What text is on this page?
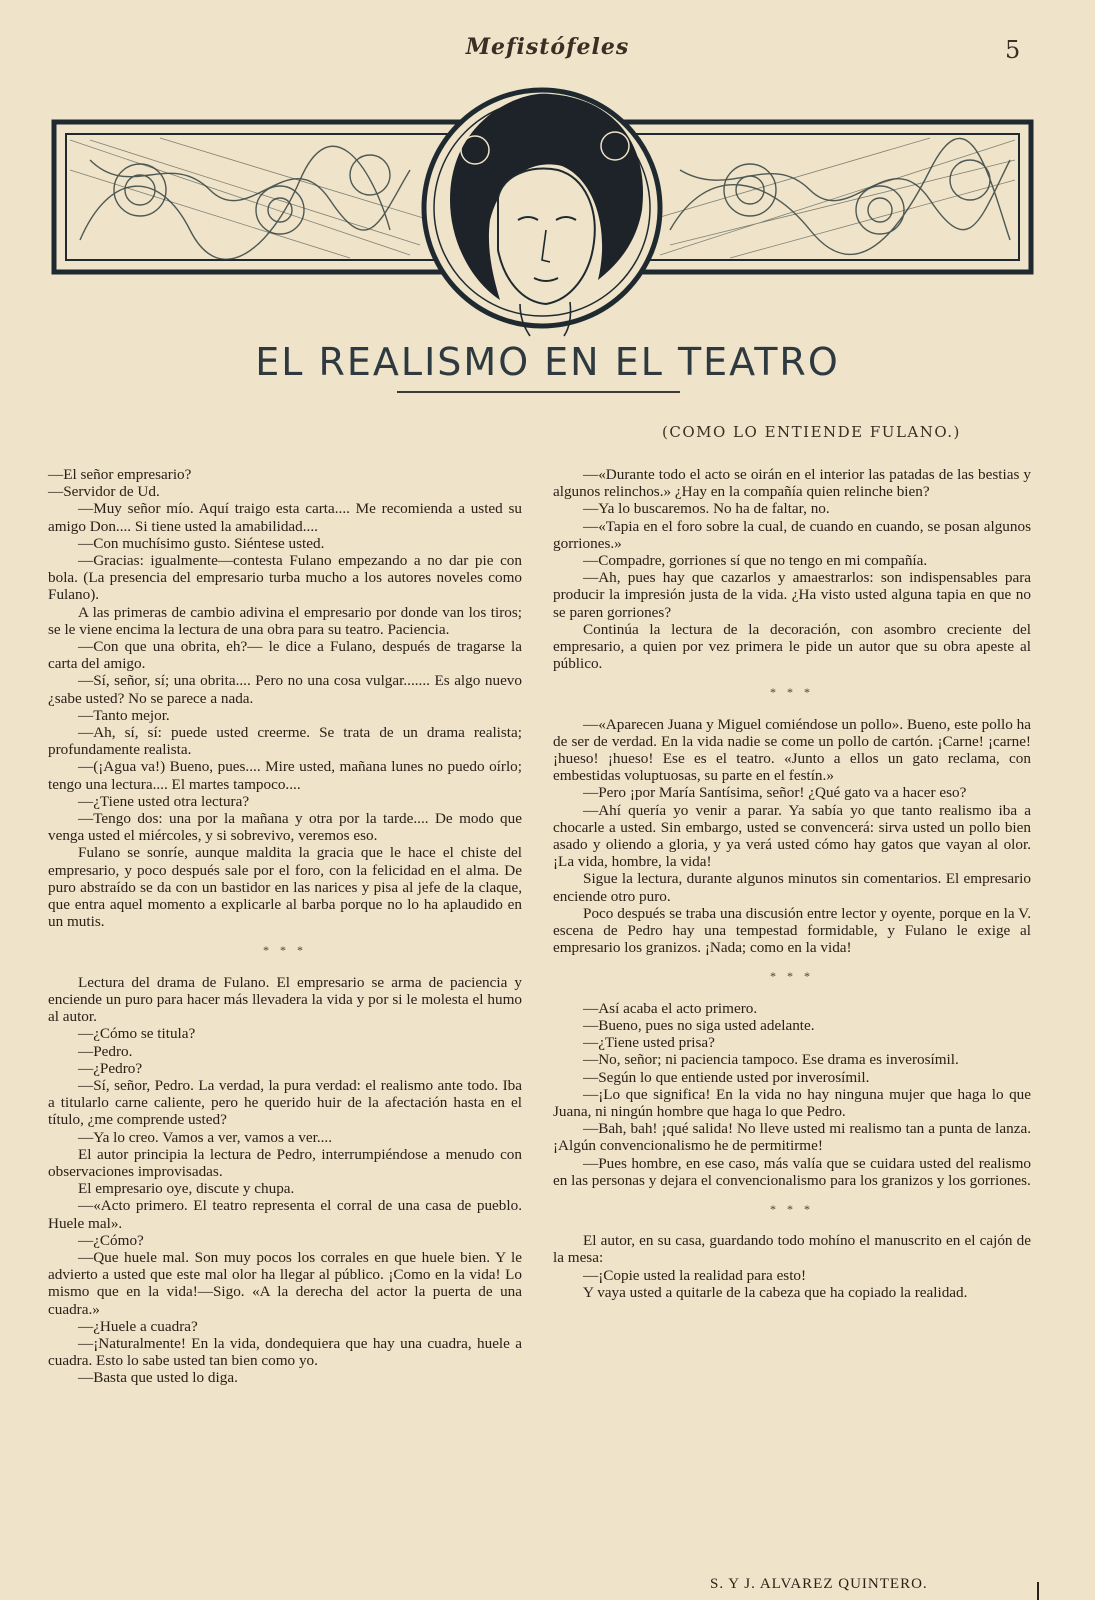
Mefistófeles	5
EL REALISMO EN EL TEATRO
(COMO LO ENTIENDE FULANO.)

—El señor empresario?

—Servidor de Ud.

—Muy señor mío. Aquí traigo esta carta.... Me recomienda a usted su amigo Don.... Si tiene usted la amabilidad....

—Con muchísimo gusto. Siéntese usted.

—Gracias: igualmente—contesta Fulano empezando a no dar pie con bola. (La presencia del empresario turba mucho a los autores noveles como Fulano).

A las primeras de cambio adivina el empresario por donde van los tiros; se le viene encima la lectura de una obra para su teatro. Paciencia.

—Con que una obrita, eh?— le dice a Fulano, después de tragarse la carta del amigo.

—Sí, señor, sí; una obrita.... Pero no una cosa vulgar....... Es algo nuevo ¿sabe usted? No se parece a nada.

—Tanto mejor.

—Ah, sí, sí: puede usted creerme. Se trata de un drama realista; profundamente realista.

—(¡Agua va!) Bueno, pues.... Mire usted, mañana lunes no puedo oírlo; tengo una lectura.... El martes tampoco....

—¿Tiene usted otra lectura?

—Tengo dos: una por la mañana y otra por la tarde.... De modo que venga usted el miércoles, y si sobrevivo, veremos eso.

Fulano se sonríe, aunque maldita la gracia que le hace el chiste del empresario, y poco después sale por el foro, con la felicidad en el alma. De puro abstraído se da con un bastidor en las narices y pisa al jefe de la claque, que entra aquel momento a explicarle al barba porque no lo ha aplaudido en un mutis.

* * *

Lectura del drama de Fulano. El empresario se arma de paciencia y enciende un puro para hacer más llevadera la vida y por si le molesta el humo al autor.

—¿Cómo se titula?

—Pedro.

—¿Pedro?

—Sí, señor, Pedro. La verdad, la pura verdad: el realismo ante todo. Iba a titularlo carne caliente, pero he querido huir de la afectación hasta en el título, ¿me comprende usted?

—Ya lo creo. Vamos a ver, vamos a ver....

El autor principia la lectura de Pedro, interrumpiéndose a menudo con observaciones improvisadas.

El empresario oye, discute y chupa.

—«Acto primero. El teatro representa el corral de una casa de pueblo. Huele mal».

—¿Cómo?

—Que huele mal. Son muy pocos los corrales en que huele bien. Y le advierto a usted que este mal olor ha llegar al público. ¡Como en la vida! Lo mismo que en la vida!—Sigo. «A la derecha del actor la puerta de una cuadra.»

—¿Huele a cuadra?

—¡Naturalmente! En la vida, dondequiera que hay una cuadra, huele a cuadra. Esto lo sabe usted tan bien como yo.

—Basta que usted lo diga.

—«Durante todo el acto se oirán en el interior las patadas de las bestias y algunos relinchos.» ¿Hay en la compañía quien relinche bien?

—Ya lo buscaremos. No ha de faltar, no.

—«Tapia en el foro sobre la cual, de cuando en cuando, se posan algunos gorriones.»

—Compadre, gorriones sí que no tengo en mi compañía.

—Ah, pues hay que cazarlos y amaestrarlos: son indispensables para producir la impresión justa de la vida. ¿Ha visto usted alguna tapia en que no se paren gorriones?

Continúa la lectura de la decoración, con asombro creciente del empresario, a quien por vez primera le pide un autor que su obra apeste al público.

* * *

—«Aparecen Juana y Miguel comiéndose un pollo». Bueno, este pollo ha de ser de verdad. En la vida nadie se come un pollo de cartón. ¡Carne! ¡carne! ¡hueso! ¡hueso! Ese es el teatro. «Junto a ellos un gato reclama, con embestidas voluptuosas, su parte en el festín.»

—Pero ¡por María Santísima, señor! ¿Qué gato va a hacer eso?

—Ahí quería yo venir a parar. Ya sabía yo que tanto realismo iba a chocarle a usted. Sin embargo, usted se convencerá: sirva usted un pollo bien asado y oliendo a gloria, y ya verá usted cómo hay gatos que vayan al olor. ¡La vida, hombre, la vida!

Sigue la lectura, durante algunos minutos sin comentarios. El empresario enciende otro puro.

Poco después se traba una discusión entre lector y oyente, porque en la V. escena de Pedro hay una tempestad formidable, y Fulano le exige al empresario los granizos. ¡Nada; como en la vida!

* * *

—Así acaba el acto primero.

—Bueno, pues no siga usted adelante.

—¿Tiene usted prisa?

—No, señor; ni paciencia tampoco. Ese drama es inverosímil.

—Según lo que entiende usted por inverosímil.

—¡Lo que significa! En la vida no hay ninguna mujer que haga lo que Juana, ni ningún hombre que haga lo que Pedro.

—Bah, bah! ¡qué salida! No lleve usted mi realismo tan a punta de lanza. ¡Algún convencionalismo he de permitirme!

—Pues hombre, en ese caso, más valía que se cuidara usted del realismo en las personas y dejara el convencionalismo para los granizos y los gorriones.

* * *

El autor, en su casa, guardando todo mohíno el manuscrito en el cajón de la mesa:

—¡Copie usted la realidad para esto!

Y vaya usted a quitarle de la cabeza que ha copiado la realidad.

S. Y J. ALVAREZ QUINTERO.
